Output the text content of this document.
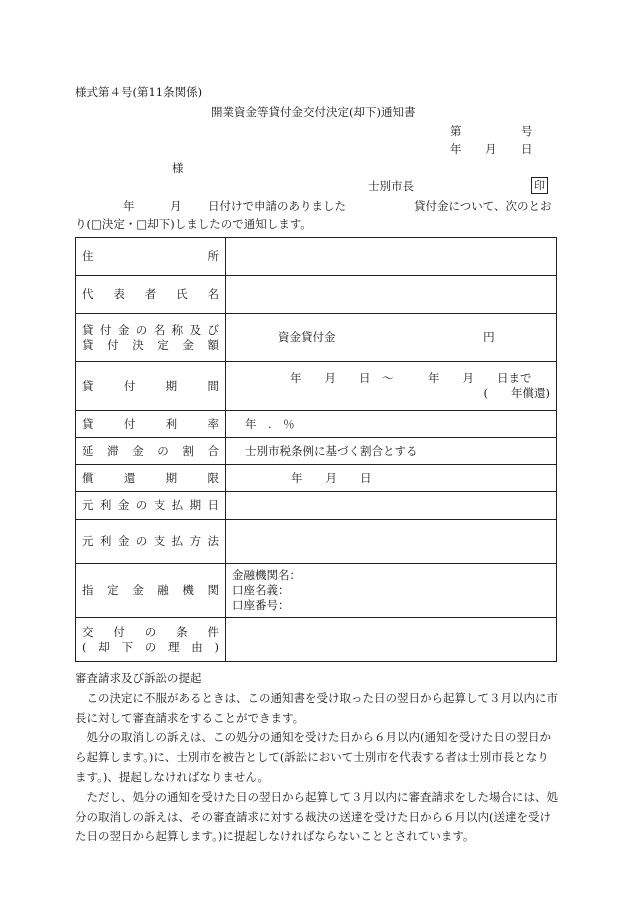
様式第４号(第11条関係)
開業資金等貸付金交付決定(却下)通知書
第	号
年 月 日
様
士別市長	印
年	月 日付けで申請のありました	貸付金について、次のとお
り(□決定・□却下)しましたので通知します。
住　　所	
代表者氏名	

貸付金の名称及び
貸付決定金額	資金貸付金 円
貸付期間	年　　月　　日　～　　　年　　月　　日まで
(　　年償還)

貸付利率	年　.　％
延滞金の割合	士別市税条例に基づく割合とする
償還期限	年　　月　　日
元利金の支払期日	
元利金の支払方法	
指定金融機関	金融機関名：
口座名義：
口座番号：

交付の条件
(却下の理由)	

審査請求及び訴訟の提起

この決定に不服があるときは、この通知書を受け取った日の翌日から起算して３月以内に市長に対して審査請求をすることができます。

処分の取消しの訴えは、この処分の通知を受けた日から６月以内(通知を受けた日の翌日から起算します。)に、士別市を被告として(訴訟において士別市を代表する者は士別市長となります。)、提起しなければなりません。

ただし、処分の通知を受けた日の翌日から起算して３月以内に審査請求をした場合には、処分の取消しの訴えは、その審査請求に対する裁決の送達を受けた日から６月以内(送達を受けた日の翌日から起算します。)に提起しなければならないこととされています。
